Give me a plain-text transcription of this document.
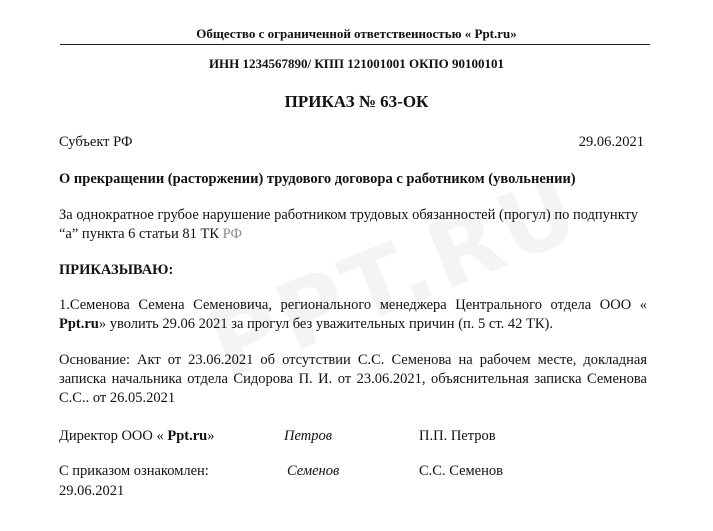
Общество с ограниченной ответственностью « Ppt.ru»
ИНН 1234567890/ КПП 121001001 ОКПО 90100101
ПРИКАЗ № 63-ОК
Субъект РФ	29.06.2021
О прекращении (расторжении) трудового договора с работником (увольнении)
За однократное грубое нарушение работником трудовых обязанностей (прогул) по подпункту “а” пункта 6 статьи 81 ТК РФ
ПРИКАЗЫВАЮ:
1.Семенова Семена Семеновича, регионального менеджера Центрального отдела ООО « Ppt.ru» уволить 29.06 2021 за прогул без уважительных причин (п. 5 ст. 42 ТК).
Основание: Акт от 23.06.2021 об отсутствии С.С. Семенова на рабочем месте, докладная записка начальника отдела Сидорова П. И. от 23.06.2021, объяснительная записка Семенова С.С.. от 26.05.2021
Директор ООО « Ppt.ru»	Петров	П.П. Петров
С приказом ознакомлен:	Семенов	С.С. Семенов
29.06.2021
